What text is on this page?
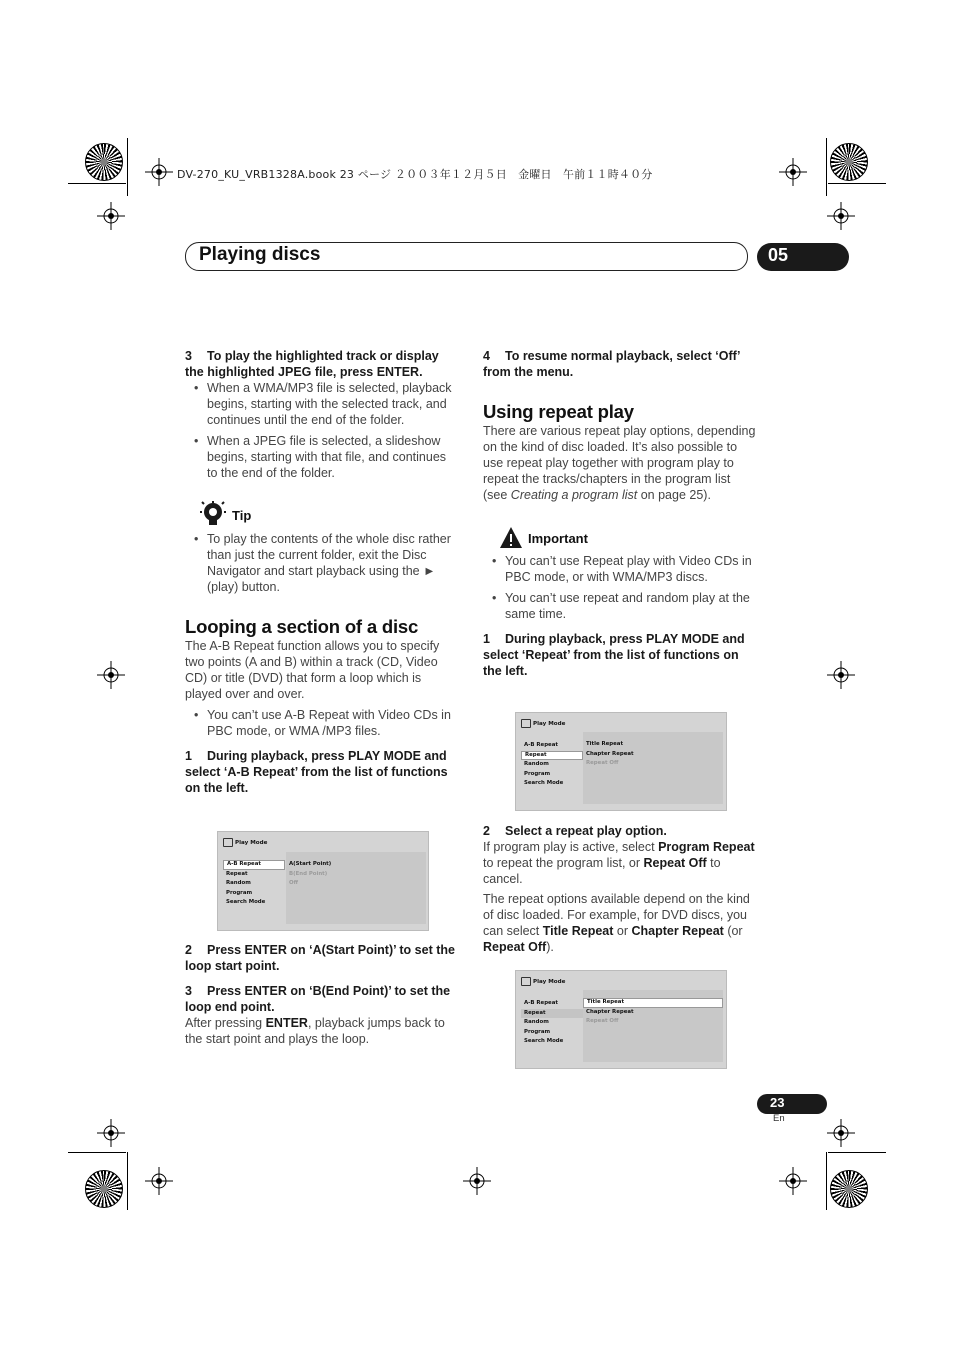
DV-270_KU_VRB1328A.book 23 ページ ２００３年１２月５日　金曜日　午前１１時４０分
Playing discs	05

3 To play the highlighted track or display the highlighted JPEG file, press ENTER.

• When a WMA/MP3 file is selected, playback begins, starting with the selected track, and continues until the end of the folder.

• When a JPEG file is selected, a slideshow begins, starting with that file, and continues to the end of the folder.

Tip

• To play the contents of the whole disc rather than just the current folder, exit the Disc Navigator and start playback using the ► (play) button.

Looping a section of a disc

The A-B Repeat function allows you to specify two points (A and B) within a track (CD, Video CD) or title (DVD) that form a loop which is played over and over.

• You can’t use A-B Repeat with Video CDs in PBC mode, or WMA /MP3 files.

1 During playback, press PLAY MODE and select ‘A-B Repeat’ from the list of functions on the left.

Play Mode
A-B Repeat
Repeat
Random
Program
Search Mode
A(Start Point)
B(End Point)
Off

2 Press ENTER on ‘A(Start Point)’ to set the loop start point.

3 Press ENTER on ‘B(End Point)’ to set the loop end point.

After pressing ENTER, playback jumps back to the start point and plays the loop.

4 To resume normal playback, select ‘Off’ from the menu.

Using repeat play

There are various repeat play options, depending on the kind of disc loaded. It’s also possible to use repeat play together with program play to repeat the tracks/chapters in the program list (see Creating a program list on page 25).

Important

• You can’t use Repeat play with Video CDs in PBC mode, or with WMA/MP3 discs.

• You can’t use repeat and random play at the same time.

1 During playback, press PLAY MODE and select ‘Repeat’ from the list of functions on the left.

Play Mode
A-B Repeat
Repeat
Random
Program
Search Mode
Title Repeat
Chapter Repeat
Repeat Off

2 Select a repeat play option.

If program play is active, select Program Repeat to repeat the program list, or Repeat Off to cancel.

The repeat options available depend on the kind of disc loaded. For example, for DVD discs, you can select Title Repeat or Chapter Repeat (or Repeat Off).

Play Mode
A-B Repeat
Repeat
Random
Program
Search Mode
Title Repeat
Chapter Repeat
Repeat Off
23
En
